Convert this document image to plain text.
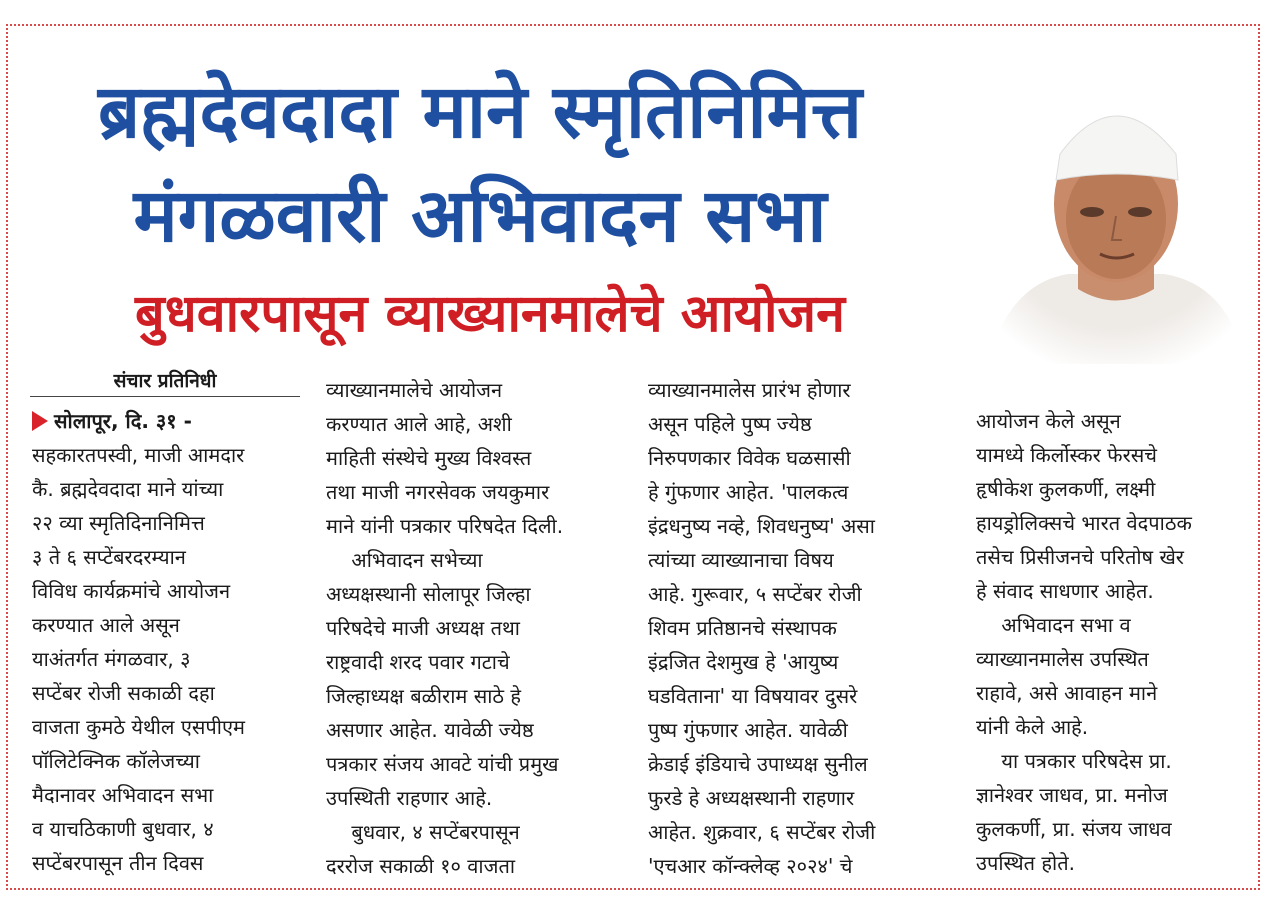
ब्रह्मदेवदादा माने स्मृतिनिमित्त
मंगळवारी अभिवादन सभा
बुधवारपासून व्याख्यानमालेचे आयोजन
संचार प्रतिनिधी

सोलापूर, दि. ३१ -

सहकारतपस्वी, माजी आमदार

कै. ब्रह्मदेवदादा माने यांच्या

२२ व्या स्मृतिदिनानिमित्त

३ ते ६ सप्टेंबरदरम्यान

विविध कार्यक्रमांचे आयोजन

करण्यात आले असून

याअंतर्गत मंगळवार, ३

सप्टेंबर रोजी सकाळी दहा

वाजता कुमठे येथील एसपीएम

पॉलिटेक्निक कॉलेजच्या

मैदानावर अभिवादन सभा

व याचठिकाणी बुधवार, ४

सप्टेंबरपासून तीन दिवस

व्याख्यानमालेचे आयोजन

करण्यात आले आहे, अशी

माहिती संस्थेचे मुख्य विश्वस्त

तथा माजी नगरसेवक जयकुमार

माने यांनी पत्रकार परिषदेत दिली.

अभिवादन सभेच्या

अध्यक्षस्थानी सोलापूर जिल्हा

परिषदेचे माजी अध्यक्ष तथा

राष्ट्रवादी शरद पवार गटाचे

जिल्हाध्यक्ष बळीराम साठे हे

असणार आहेत. यावेळी ज्येष्ठ

पत्रकार संजय आवटे यांची प्रमुख

उपस्थिती राहणार आहे.

बुधवार, ४ सप्टेंबरपासून

दररोज सकाळी १० वाजता

व्याख्यानमालेस प्रारंभ होणार

असून पहिले पुष्प ज्येष्ठ

निरुपणकार विवेक घळसासी

हे गुंफणार आहेत. 'पालकत्व

इंद्रधनुष्य नव्हे, शिवधनुष्य' असा

त्यांच्या व्याख्यानाचा विषय

आहे. गुरूवार, ५ सप्टेंबर रोजी

शिवम प्रतिष्ठानचे संस्थापक

इंद्रजित देशमुख हे 'आयुष्य

घडविताना' या विषयावर दुसरे

पुष्प गुंफणार आहेत. यावेळी

क्रेडाई इंडियाचे उपाध्यक्ष सुनील

फुरडे हे अध्यक्षस्थानी राहणार

आहेत. शुक्रवार, ६ सप्टेंबर रोजी

'एचआर कॉन्क्लेव्ह २०२४' चे

आयोजन केले असून

यामध्ये किर्लोस्कर फेरसचे

हृषीकेश कुलकर्णी, लक्ष्मी

हायड्रोलिक्सचे भारत वेदपाठक

तसेच प्रिसीजनचे परितोष खेर

हे संवाद साधणार आहेत.

अभिवादन सभा व

व्याख्यानमालेस उपस्थित

राहावे, असे आवाहन माने

यांनी केले आहे.

या पत्रकार परिषदेस प्रा.

ज्ञानेश्वर जाधव, प्रा. मनोज

कुलकर्णी, प्रा. संजय जाधव

उपस्थित होते.
